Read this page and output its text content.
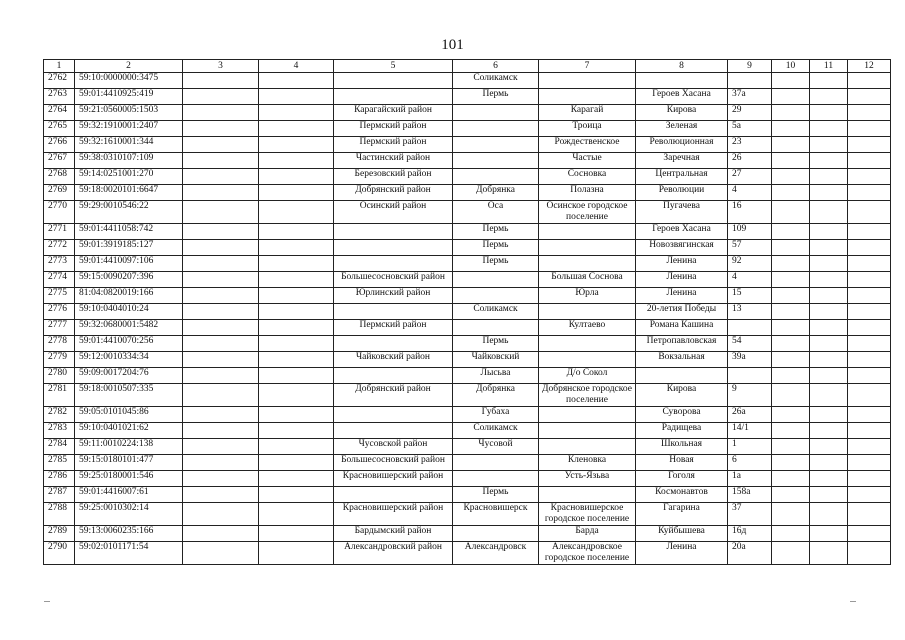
101
1	2	3	4	5	6	7	8	9	10	11	12
2762	59:10:0000000:3475				Соликамск						
2763	59:01:4410925:419				Пермь		Героев Хасана	37а			
2764	59:21:0560005:1503			Карагайский район		Карагай	Кирова	29			
2765	59:32:1910001:2407			Пермский район		Троица	Зеленая	5а			
2766	59:32:1610001:344			Пермский район		Рождественское	Революционная	23			
2767	59:38:0310107:109			Частинский район		Частые	Заречная	26			
2768	59:14:0251001:270			Березовский район		Сосновка	Центральная	27			
2769	59:18:0020101:6647			Добрянский район	Добрянка	Полазна	Революции	4			
2770	59:29:0010546:22			Осинский район	Оса	Осинское городское поселение	Пугачева	16			
2771	59:01:4411058:742				Пермь		Героев Хасана	109			
2772	59:01:3919185:127				Пермь		Новозвягинская	57			
2773	59:01:4410097:106				Пермь		Ленина	92			
2774	59:15:0090207:396			Большесосновский район		Большая Соснова	Ленина	4			
2775	81:04:0820019:166			Юрлинский район		Юрла	Ленина	15			
2776	59:10:0404010:24				Соликамск		20-летия Победы	13			
2777	59:32:0680001:5482			Пермский район		Култаево	Романа Кашина				
2778	59:01:4410070:256				Пермь		Петропавловская	54			
2779	59:12:0010334:34			Чайковский район	Чайковский		Вокзальная	39а			
2780	59:09:0017204:76				Лысьва	Д/о Сокол					
2781	59:18:0010507:335			Добрянский район	Добрянка	Добрянское городское поселение	Кирова	9			
2782	59:05:0101045:86				Губаха		Суворова	26а			
2783	59:10:0401021:62				Соликамск		Радищева	14/1			
2784	59:11:0010224:138			Чусовской район	Чусовой		Школьная	1			
2785	59:15:0180101:477			Большесосновский район		Кленовка	Новая	6			
2786	59:25:0180001:546			Красновишерский район		Усть-Язьва	Гоголя	1а			
2787	59:01:4416007:61				Пермь		Космонавтов	158а			
2788	59:25:0010302:14			Красновишерский район	Красновишерск	Красновишерское городское поселение	Гагарина	37			
2789	59:13:0060235:166			Бардымский район		Барда	Куйбышева	16д			
2790	59:02:0101171:54			Александровский район	Александровск	Александровское городское поселение	Ленина	20а			
